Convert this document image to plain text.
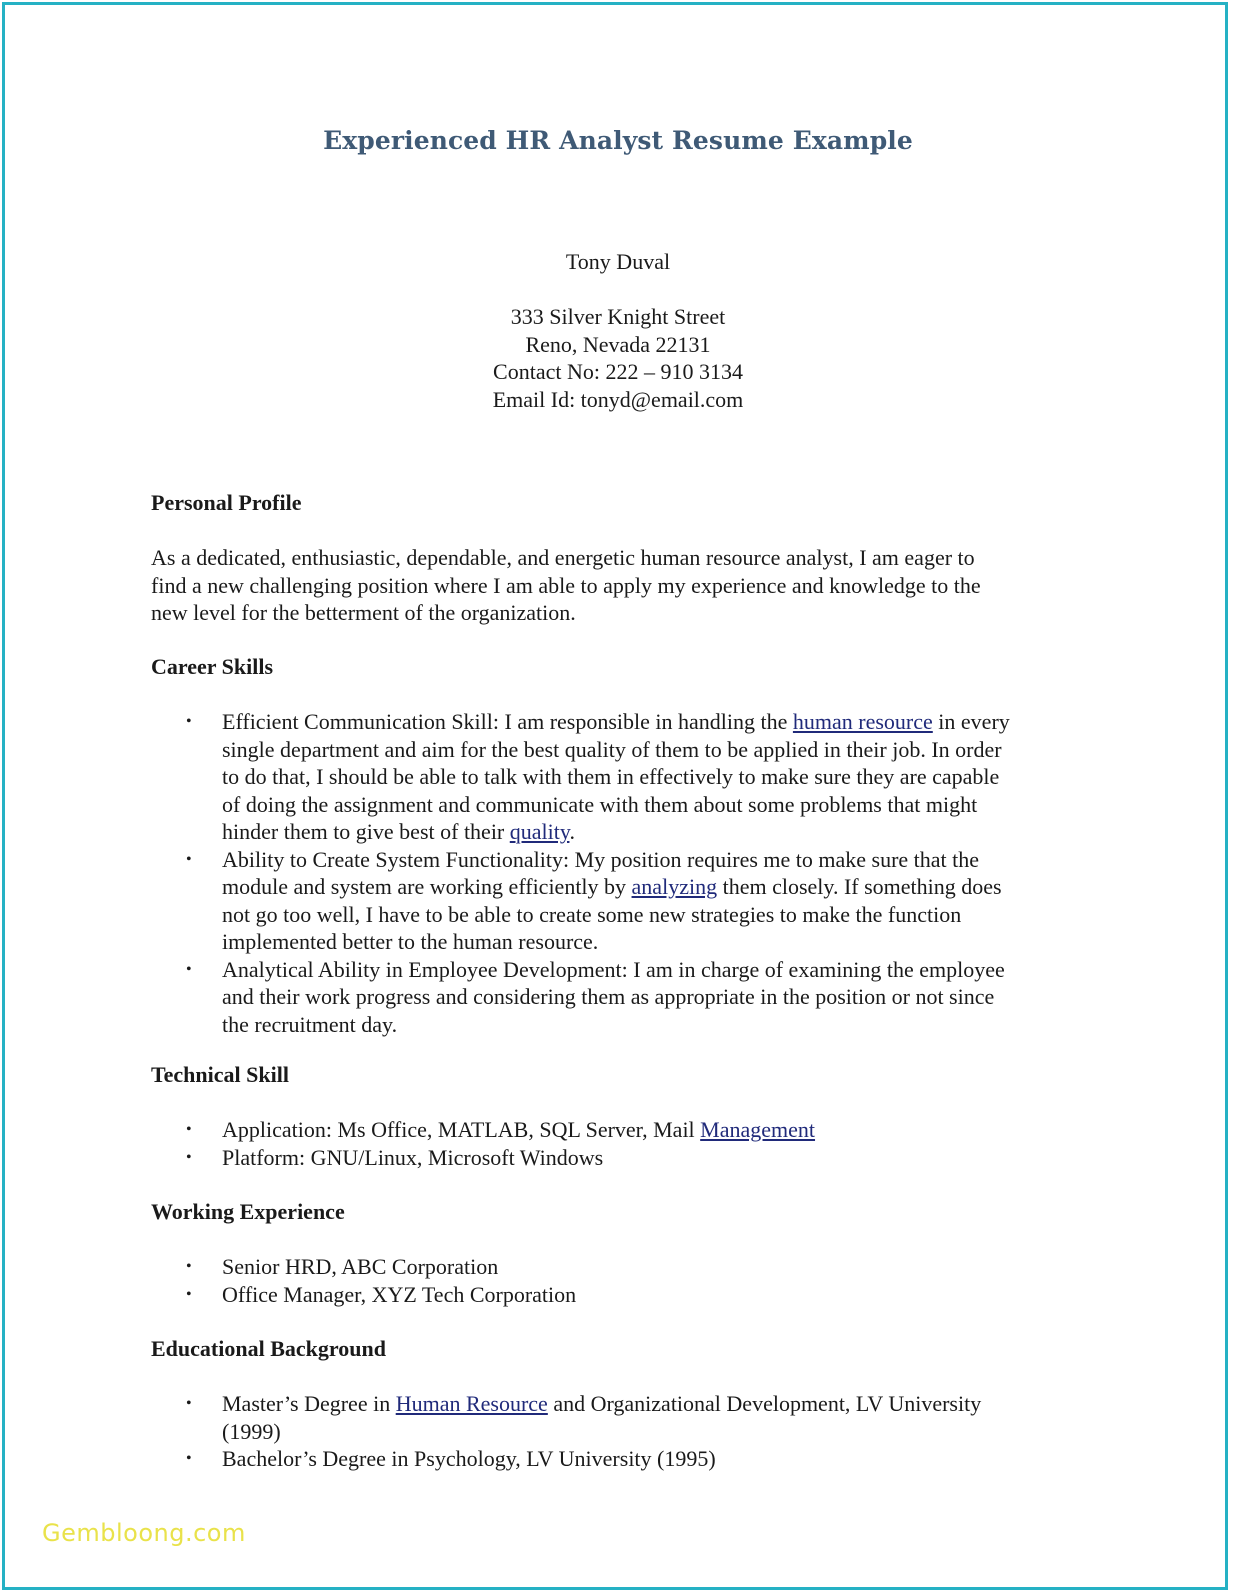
Experienced HR Analyst Resume Example
Tony Duval
333 Silver Knight Street
Reno, Nevada 22131
Contact No: 222 – 910 3134
Email Id: tonyd@email.com
Personal Profile

As a dedicated, enthusiastic, dependable, and energetic human resource analyst, I am eager to
find a new challenging position where I am able to apply my experience and knowledge to the
new level for the betterment of the organization.

Career Skills
• Efficient Communication Skill: I am responsible in handling the human resource in every
single department and aim for the best quality of them to be applied in their job. In order
to do that, I should be able to talk with them in effectively to make sure they are capable
of doing the assignment and communicate with them about some problems that might
hinder them to give best of their quality.
• Ability to Create System Functionality: My position requires me to make sure that the
module and system are working efficiently by analyzing them closely. If something does
not go too well, I have to be able to create some new strategies to make the function
implemented better to the human resource.
• Analytical Ability in Employee Development: I am in charge of examining the employee
and their work progress and considering them as appropriate in the position or not since
the recruitment day.
Technical Skill
• Application: Ms Office, MATLAB, SQL Server, Mail Management
• Platform: GNU/Linux, Microsoft Windows
Working Experience
• Senior HRD, ABC Corporation
• Office Manager, XYZ Tech Corporation
Educational Background
• Master’s Degree in Human Resource and Organizational Development, LV University
(1999)
• Bachelor’s Degree in Psychology, LV University (1995)
Gembloong.com
